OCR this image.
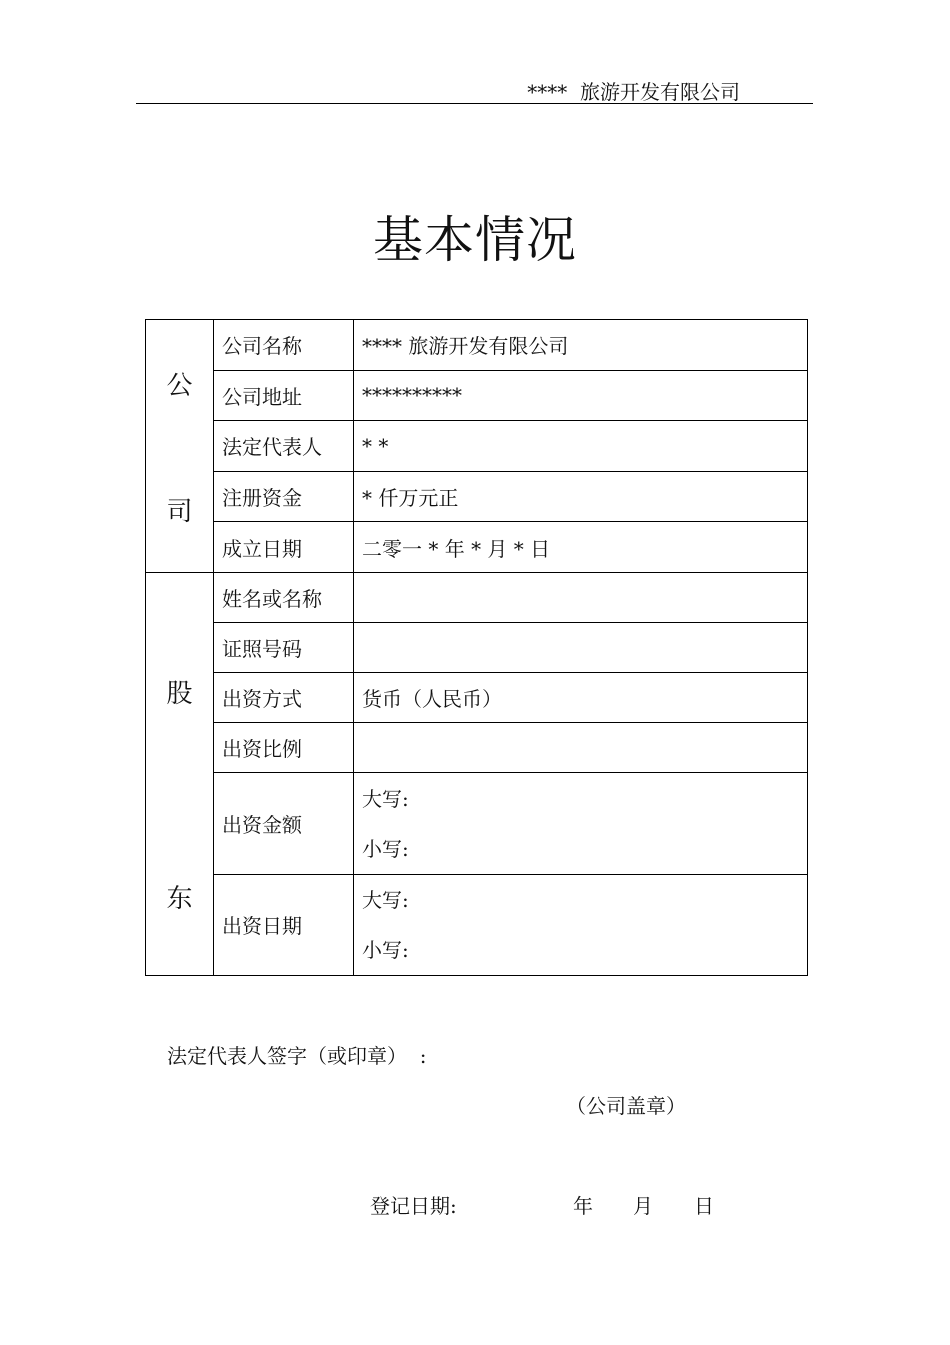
****  旅游开发有限公司
基本情况
公
司	公司名称	**** 旅游开发有限公司
	公司地址	**********
	法定代表人	* *
	注册资金	* 仟万元正
	成立日期	二零一 * 年 * 月 * 日

股
东	姓名或名称	
	证照号码	
	出资方式	货币（人民币）
	出资比例	
	出资金额	大写:
小写:

	出资日期	大写:
小写:
法定代表人签字（或印章）  :
（公司盖章）
登记日期:	年 月 日
